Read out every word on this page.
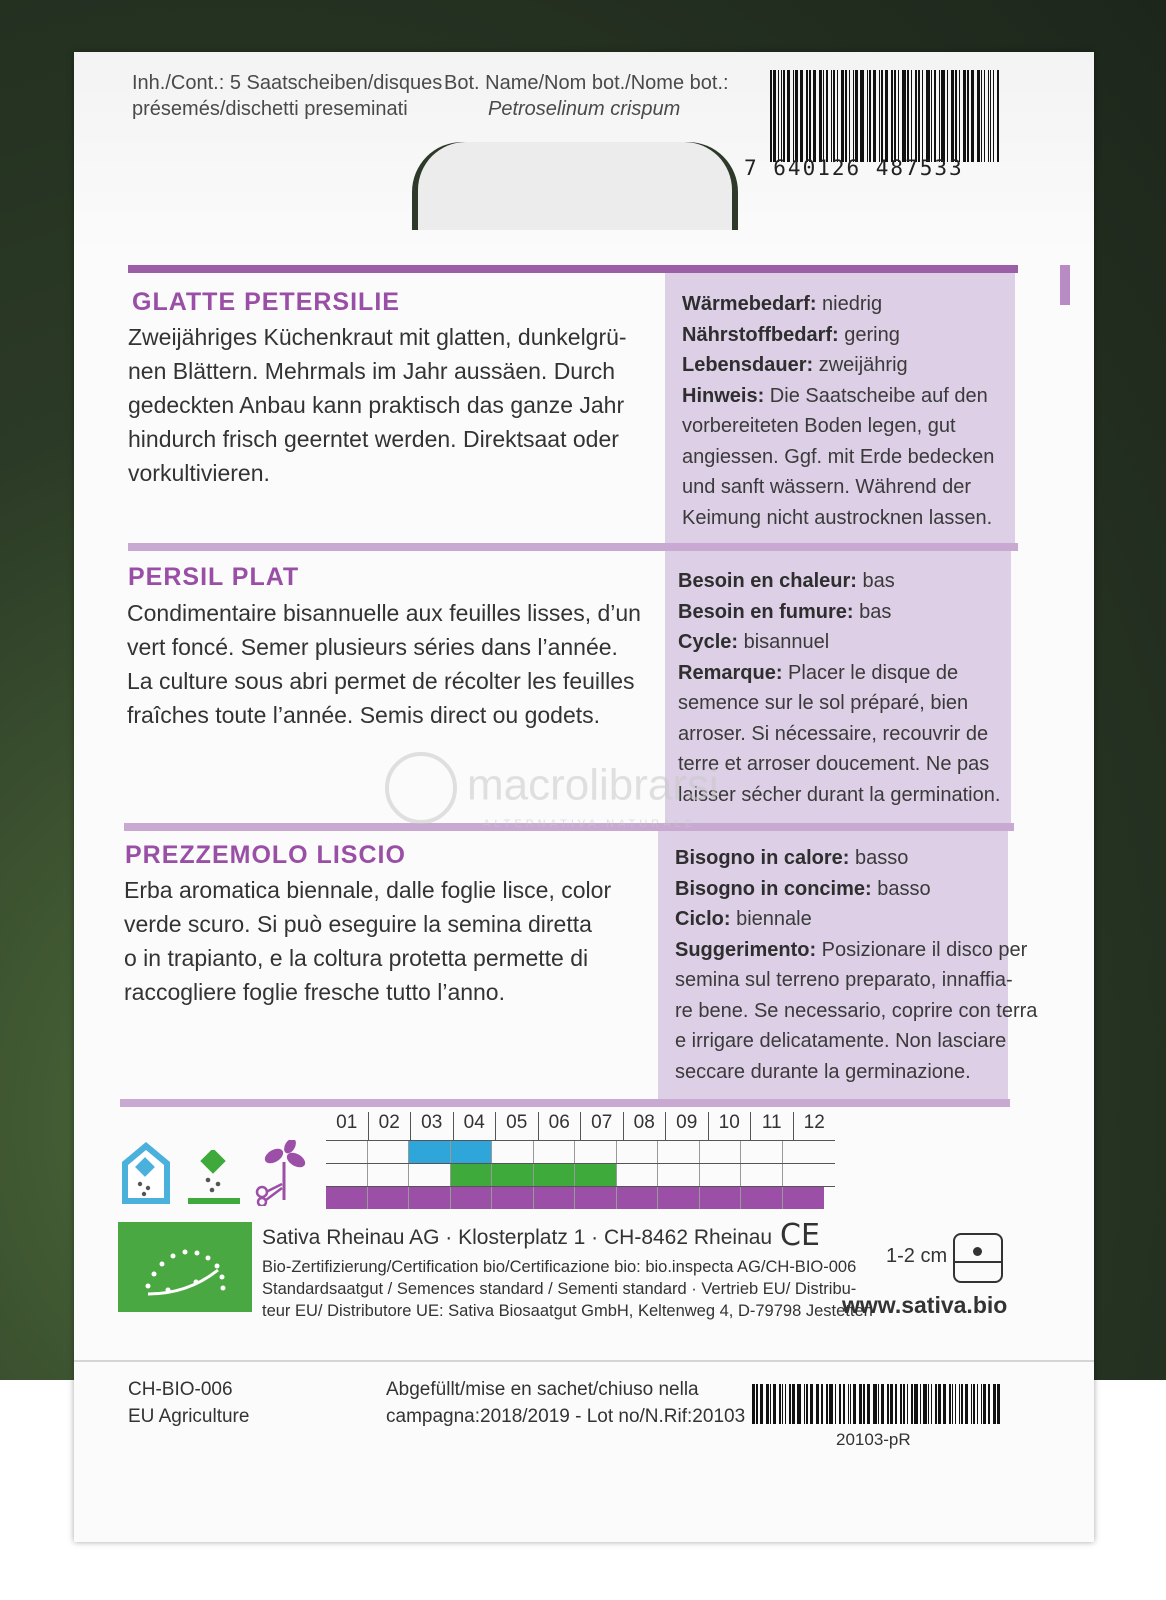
Inh./Cont.: 5 Saatscheiben/disques
présemés/dischetti preseminati
Bot. Name/Nom bot./Nome bot.:
Petroselinum crispum
7 640126 487533
GLATTE PETERSILIE
Zweijähriges Küchenkraut mit glatten, dunkelgrü-
nen Blättern. Mehrmals im Jahr aussäen. Durch
gedeckten Anbau kann praktisch das ganze Jahr
hindurch frisch geerntet werden. Direktsaat oder
vorkultivieren.
Wärmebedarf: niedrig
Nährstoffbedarf: gering
Lebensdauer: zweijährig
Hinweis: Die Saatscheibe auf den
vorbereiteten Boden legen, gut
angiessen. Ggf. mit Erde bedecken
und sanft wässern. Während der
Keimung nicht austrocknen lassen.
PERSIL PLAT
Condimentaire bisannuelle aux feuilles lisses, d’un
vert foncé. Semer plusieurs séries dans l’année.
La culture sous abri permet de récolter les feuilles
fraîches toute l’année. Semis direct ou godets.
Besoin en chaleur: bas
Besoin en fumure: bas
Cycle: bisannuel
Remarque: Placer le disque de
semence sur le sol préparé, bien
arroser. Si nécessaire, recouvrir de
terre et arroser doucement. Ne pas
laisser sécher durant la germination.
PREZZEMOLO LISCIO
Erba aromatica biennale, dalle foglie lisce, color
verde scuro. Si può eseguire la semina diretta
o in trapianto, e la coltura protetta permette di
raccogliere foglie fresche tutto l’anno.
Bisogno in calore: basso
Bisogno in concime: basso
Ciclo: biennale
Suggerimento: Posizionare il disco per
semina sul terreno preparato, innaffia-
re bene. Se necessario, coprire con terra
e irrigare delicatamente. Non lasciare
seccare durante la germinazione.
macrolibrarsi
ALTERNATIVA NATURALE
01	02	03	04	05	06	07	08	09	10	11	12
Sativa Rheinau AG · Klosterplatz 1 · CH-8462 Rheinau CE
Bio-Zertifizierung/Certification bio/Certificazione bio: bio.inspecta AG/CH-BIO-006
Standardsaatgut / Semences standard / Sementi standard · Vertrieb EU/ Distribu-
teur EU/ Distributore UE: Sativa Biosaatgut GmbH, Keltenweg 4, D-79798 Jestetten
1-2 cm
www.sativa.bio
CH-BIO-006
EU Agriculture
Abgefüllt/mise en sachet/chiuso nella
campagna:2018/2019 - Lot no/N.Rif:20103
20103-pR
